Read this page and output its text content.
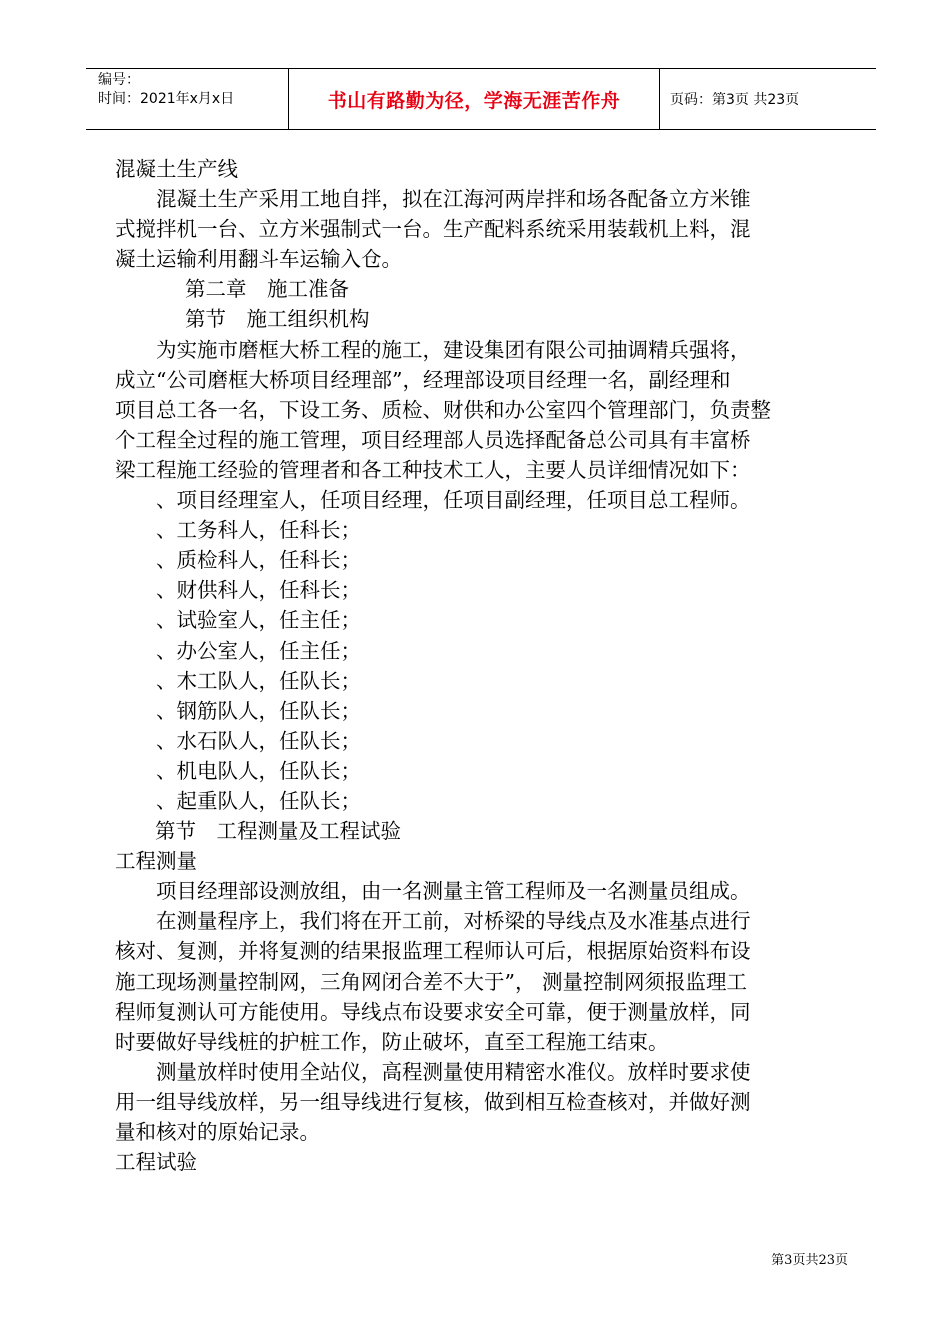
编号：
时间：2021年x月x日	书山有路勤为径，学海无涯苦作舟	页码：第3页 共23页
混凝土生产线
混凝土生产采用工地自拌，拟在江海河两岸拌和场各配备立方米锥
式搅拌机一台、立方米强制式一台。生产配料系统采用装载机上料，混
凝土运输利用翻斗车运输入仓。
第二章　施工准备
第节　施工组织机构
为实施市磨框大桥工程的施工，建设集团有限公司抽调精兵强将，
成立“公司磨框大桥项目经理部”，经理部设项目经理一名，副经理和
项目总工各一名，下设工务、质检、财供和办公室四个管理部门，负责整
个工程全过程的施工管理，项目经理部人员选择配备总公司具有丰富桥
梁工程施工经验的管理者和各工种技术工人，主要人员详细情况如下：
、项目经理室人，任项目经理，任项目副经理，任项目总工程师。
、工务科人，任科长；
、质检科人，任科长；
、财供科人，任科长；
、试验室人，任主任；
、办公室人，任主任；
、木工队人，任队长；
、钢筋队人，任队长；
、水石队人，任队长；
、机电队人，任队长；
、起重队人，任队长；
第节　工程测量及工程试验
工程测量
项目经理部设测放组，由一名测量主管工程师及一名测量员组成。
在测量程序上，我们将在开工前，对桥梁的导线点及水准基点进行
核对、复测，并将复测的结果报监理工程师认可后，根据原始资料布设
施工现场测量控制网，三角网闭合差不大于”， 测量控制网须报监理工
程师复测认可方能使用。导线点布设要求安全可靠，便于测量放样，同
时要做好导线桩的护桩工作，防止破坏，直至工程施工结束。
测量放样时使用全站仪，高程测量使用精密水准仪。放样时要求使
用一组导线放样，另一组导线进行复核，做到相互检查核对，并做好测
量和核对的原始记录。
工程试验
第3页共23页
